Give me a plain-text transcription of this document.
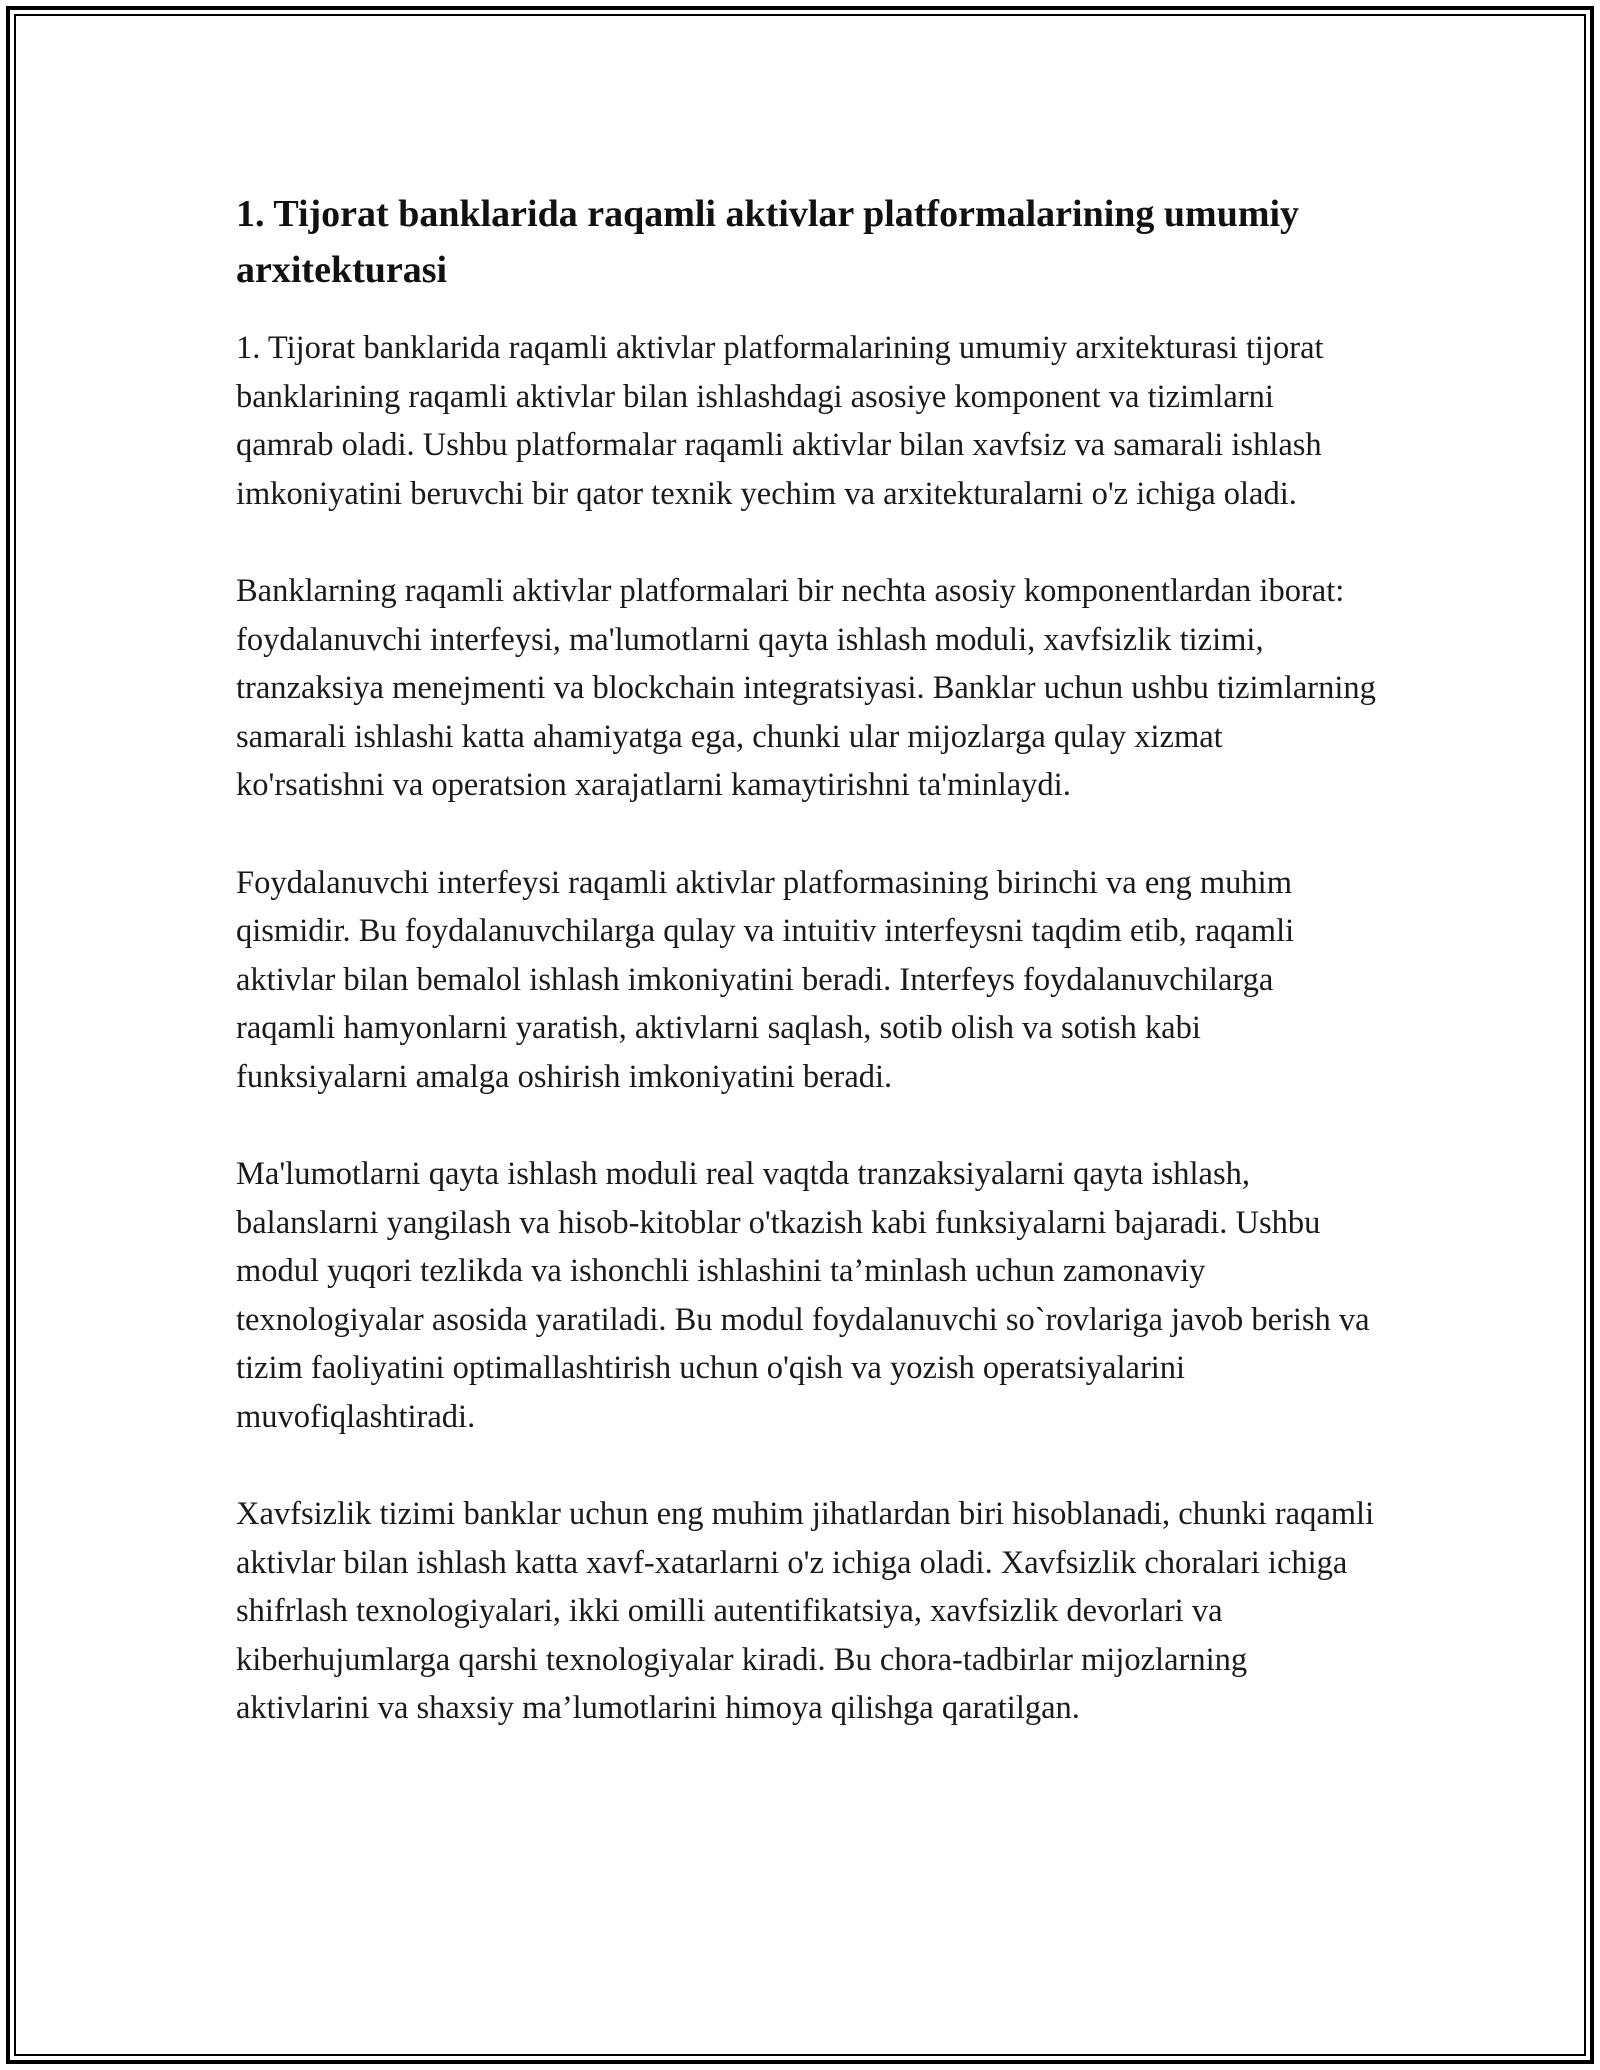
1. Tijorat banklarida raqamli aktivlar platformalarining umumiy arxitekturasi

1. Tijorat banklarida raqamli aktivlar platformalarining umumiy arxitekturasi tijorat banklarining raqamli aktivlar bilan ishlashdagi asosiye komponent va tizimlarni qamrab oladi. Ushbu platformalar raqamli aktivlar bilan xavfsiz va samarali ishlash imkoniyatini beruvchi bir qator texnik yechim va arxitekturalarni o'z ichiga oladi.

Banklarning raqamli aktivlar platformalari bir nechta asosiy komponentlardan iborat: foydalanuvchi interfeysi, ma'lumotlarni qayta ishlash moduli, xavfsizlik tizimi, tranzaksiya menejmenti va blockchain integratsiyasi. Banklar uchun ushbu tizimlarning samarali ishlashi katta ahamiyatga ega, chunki ular mijozlarga qulay xizmat ko'rsatishni va operatsion xarajatlarni kamaytirishni ta'minlaydi.

Foydalanuvchi interfeysi raqamli aktivlar platformasining birinchi va eng muhim qismidir. Bu foydalanuvchilarga qulay va intuitiv interfeysni taqdim etib, raqamli aktivlar bilan bemalol ishlash imkoniyatini beradi. Interfeys foydalanuvchilarga raqamli hamyonlarni yaratish, aktivlarni saqlash, sotib olish va sotish kabi funksiyalarni amalga oshirish imkoniyatini beradi.

Ma'lumotlarni qayta ishlash moduli real vaqtda tranzaksiyalarni qayta ishlash, balanslarni yangilash va hisob-kitoblar o'tkazish kabi funksiyalarni bajaradi. Ushbu modul yuqori tezlikda va ishonchli ishlashini ta’minlash uchun zamonaviy texnologiyalar asosida yaratiladi. Bu modul foydalanuvchi so`rovlariga javob berish va tizim faoliyatini optimallashtirish uchun o'qish va yozish operatsiyalarini muvofiqlashtiradi.

Xavfsizlik tizimi banklar uchun eng muhim jihatlardan biri hisoblanadi, chunki raqamli aktivlar bilan ishlash katta xavf-xatarlarni o'z ichiga oladi. Xavfsizlik choralari ichiga shifrlash texnologiyalari, ikki omilli autentifikatsiya, xavfsizlik devorlari va kiberhujumlarga qarshi texnologiyalar kiradi. Bu chora-tadbirlar mijozlarning aktivlarini va shaxsiy ma’lumotlarini himoya qilishga qaratilgan.
